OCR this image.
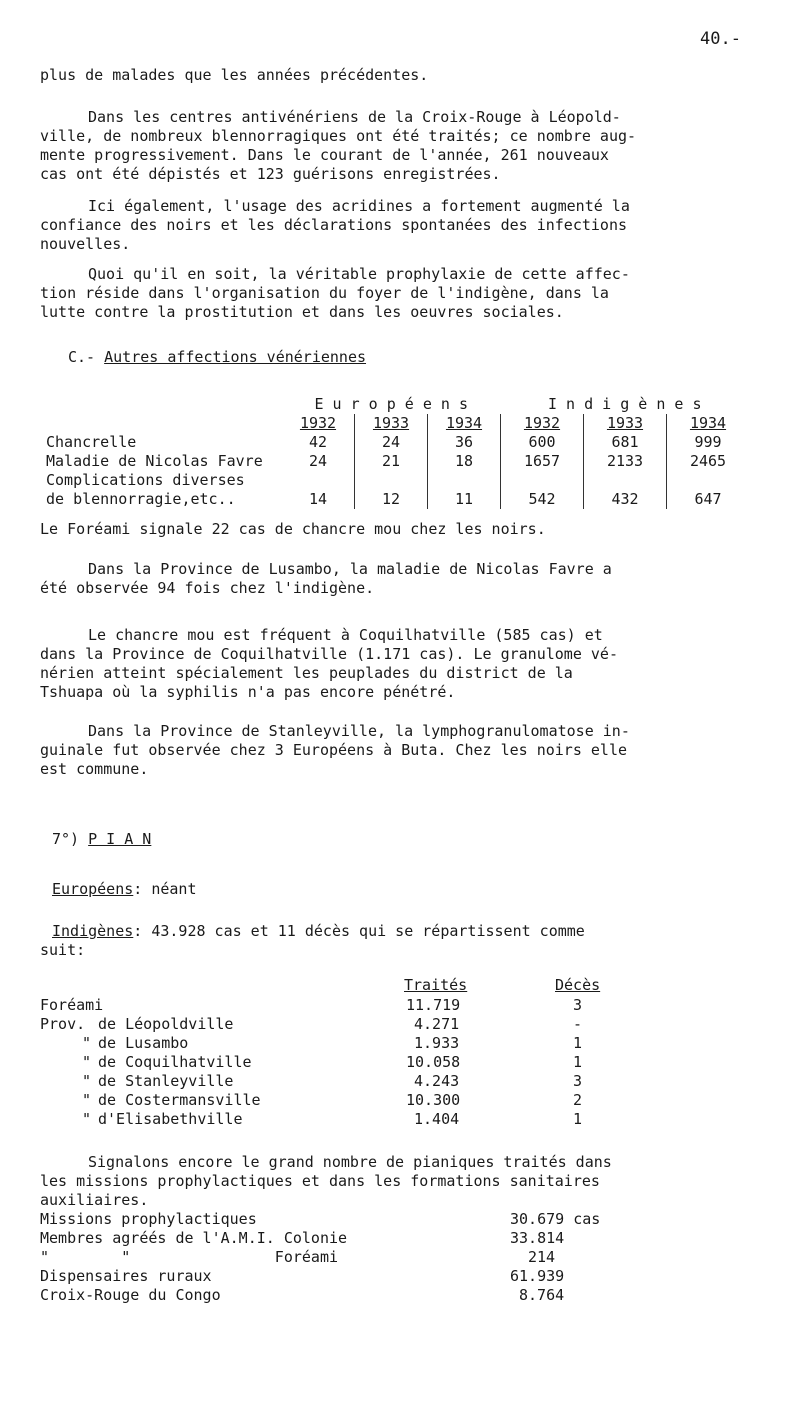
40.-
plus de malades que les années précédentes.
Dans les centres antivénériens de la Croix-Rouge à Léopold-
ville, de nombreux blennorragiques ont été traités; ce nombre aug-
mente progressivement. Dans le courant de l'année, 261 nouveaux
cas ont été dépistés et 123 guérisons enregistrées.
Ici également, l'usage des acridines a fortement augmenté la
confiance des noirs et les déclarations spontanées des infections
nouvelles.
Quoi qu'il en soit, la véritable prophylaxie de cette affec-
tion réside dans l'organisation du foyer de l'indigène, dans la
lutte contre la prostitution et dans les oeuvres sociales.
C.- Autres affections vénériennes
	E u r o p é e n s			I n d i g è n e s		
	1932	1933	1934	1932	1933	1934
Chancrelle	42	24	36	600	681	999
Maladie de Nicolas Favre	24	21	18	1657	2133	2465
Complications diverses						
de blennorragie,etc..	14	12	11	542	432	647
Le Foréami signale 22 cas de chancre mou chez les noirs.
Dans la Province de Lusambo, la maladie de Nicolas Favre a
été observée 94 fois chez l'indigène.
Le chancre mou est fréquent à Coquilhatville (585 cas) et
dans la Province de Coquilhatville (1.171 cas). Le granulome vé-
nérien atteint spécialement les peuplades du district de la
Tshuapa où la syphilis n'a pas encore pénétré.
Dans la Province de Stanleyville, la lymphogranulomatose in-
guinale fut observée chez 3 Européens à Buta. Chez les noirs elle
est commune.
7°) P I A N
Européens: néant
Indigènes: 43.928 cas et 11 décès qui se répartissent comme
suit:
Traités	Décès
Foréami	11.719	3
Prov. de Léopoldville	4.271	-
" de Lusambo	1.933	1
" de Coquilhatville	10.058	1
" de Stanleyville	4.243	3
" de Costermansville	10.300	2
" d'Elisabethville	1.404	1
Signalons encore le grand nombre de pianiques traités dans
les missions prophylactiques et dans les formations sanitaires
auxiliaires.
Missions prophylactiques	30.679 cas
Membres agréés de l'A.M.I. Colonie	33.814
"        "                Foréami	214
Dispensaires ruraux	61.939
Croix-Rouge du Congo	8.764
